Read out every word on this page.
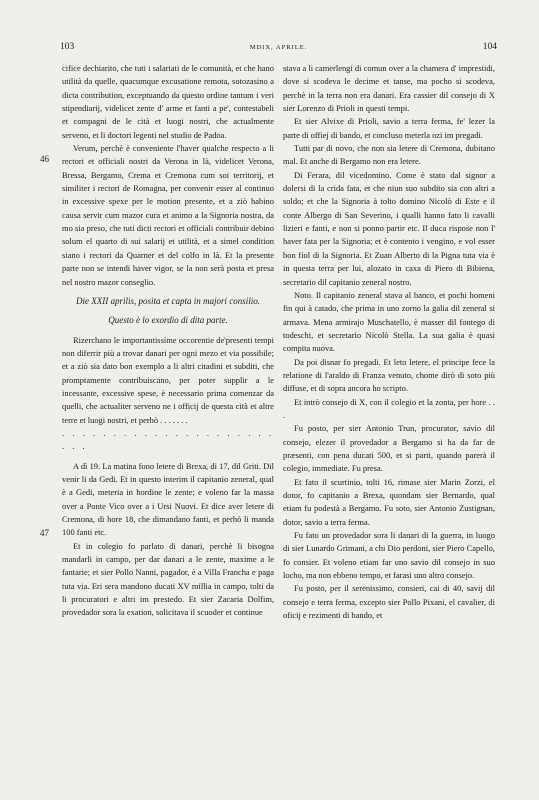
103	MDIX, APRILE.	104
46
47

cifice dechiarito, che tuti i salariati de le comunità, et che hano utilità da quelle, quacumque excusatione remota, sotozasino a dicta contribution, exceptuando da questo ordine tantum i veri stipendiarij, videlicet zente d' arme et fanti a pe', contestabeli et compagni de le cità et luogi nostri, che actualmente serveno, et li doctori legenti nel studio de Padoa.

Verum, perchè è conveniente l'haver qualche respecto a li rectori et officiali nostri da Verona in là, videlicet Verona, Bressa, Bergamo, Crema et Cremona cum soi territorij, et similiter i rectori de Romagna, per convenir esser al continuo in excessive spexe per le motion presente, et a ziò habino causa servir cum mazor cura et animo a la Signoria nostra, da mo sia preso, che tuti dicti rectori et officiali contribuir debino solum el quarto di sui salarij et utilità, et a simel condition siano i rectori da Quarner et del colfo in là. Et la presente parte non se intendi haver vigor, se la non serà posta et presa nel nostro mazor conseglio.

Die XXII aprilis, posita et capta in majori consilio.

Questo è lo exordio di dita parte.

Rizerchano le importantissime occorentie de'presenti tempi non diferrir più a trovar danari per ogni mezo et via possibile; et a ziò sia dato bon exemplo a li altri citadini et subditi, che promptamente contribuiscano, per poter supplir a le incessante, excessive spese, è necessario prima comenzar da quelli, che actualiter serveno ne i officij de questa cità et altre terre et luogi nostri, et perhò . . . . . . .

. . . . . . . . . . . . . . . . . . . . . . . .

A dì 19. La matina fono letere di Brexa, di 17, dil Griti. Dil venir li da Gedi. Et in questo interim il capitanio zeneral, qual è a Gedi, meteria in hordine le zente; e voleno far la massa over a Ponte Vico over a i Ursi Nuovi. Et dice aver letere di Cremona, di hore 18, che dimandano fanti, et perhò li manda 100 fanti etc.

Et in colegio fo parlato di danari, perchè li bisogna mandarli in campo, per dar danari a le zente, maxime a le fantarie; et sier Pollo Nanni, pagador, è a Villa Francha e paga tuta via. Eri sera mandono ducati XV millia in campo, tolti da li procuratori e altri im prestedo. Et sier Zacaria Dolfim, provedador sora la exation, solicitava il scuoder et continue

stava a li camerlengi di comun over a la chamera d' imprestidi, dove si scodeva le decime et tanse, ma pocho si scodeva, perchè in la terra non era danari. Era cassier dil consejo di X sier Lorenzo di Prioli in questi tempi.

Et sier Alvixe di Prioli, savio a terra ferma, fe' lezer la parte di offiej di bando, et concluso meterla ozi im pregadi.

Tutti par di novo, che non sia letere di Cremona, dubitano mal. Et anche di Bergamo non era letere.

Di Ferara, dil vicedomino. Come è stato dal signor a dolersi di la crida fata, et che niun suo subdito sia con altri a soldo; et che la Signoria à tolto domino Nicolò di Este e il conte Albergo di San Severino, i qualli hanno fato li cavalli lizieri e fanti, e non si ponno partir etc. Il duca rispose non l' haver fata per la Signoria; et è contento i vengino, e vol esser bon fiol di la Signoria. Et Zuan Alberto di la Pigna tuta via è in questa terra per lui, alozato in caxa di Piero di Bibiena, secretario dil capitanio zeneral nostro.

Noto. Il capitanio zeneral stava al banco, et pochi homeni fin qui à catado, che prima in uno zorno la galia dil zeneral si armava. Mena armirajo Muschatello, è masser dil fontego di todeschi, et secretario Nicolò Stella. La sua galia è quasi compita nuova.

Da poi disnar fo pregadi. Et leto letere, el principe fece la relatione di l'araldo di Franza venuto, chome dirò di soto più diffuse, et di sopra ancora ho scripto.

Et intrò consejo di X, con il colegio et la zonta, per hore . . .

Fu posto, per sier Antonio Trun, procurator, savio dil consejo, elezer il provedador a Bergamo si ha da far de præsenti, con pena ducati 500, et si parti, quando parerà il colegio, immediate. Fu presa.

Et fato il scurtinio, tolti 16, rimase sier Marin Zorzi, el dotor, fo capitanio a Brexa, quondam sier Bernardo, qual etiam fu podestà a Bergamo. Fu soto, sier Antonio Zustignan, dotor, savio a terra ferma.

Fu fato un provedador sora li danari di la guerra, in luogo di sier Lunardo Grimani, a chi Dio perdoni, sier Piero Capello, fo consier. Et voleno etiam far uno savio dil consejo in suo locho, ma non ebbeno tempo, et farasi uno altro consejo.

Fu posto, per il serenissimo, consieri, cai di 40, savij dil consejo e terra ferma, excepto sier Pollo Pixani, el cavalier, di oficij e rezimenti di bando, et
